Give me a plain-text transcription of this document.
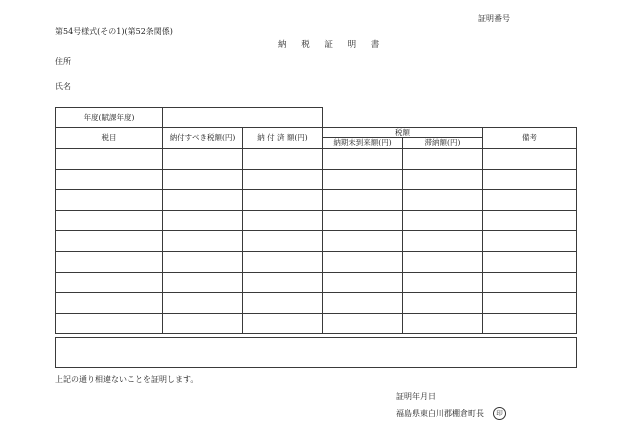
証明番号
第54号様式(その1)(第52条関係)
納 税 証 明 書
住所
氏名
年度(賦課年度)	
税目	納付すべき税額(円)	納 付 済 額(円)	税額		備考
			納期未到来額(円)	滞納額(円)	

上記の通り相違ないことを証明します。
証明年月日
福島県東白川郡棚倉町長	印
